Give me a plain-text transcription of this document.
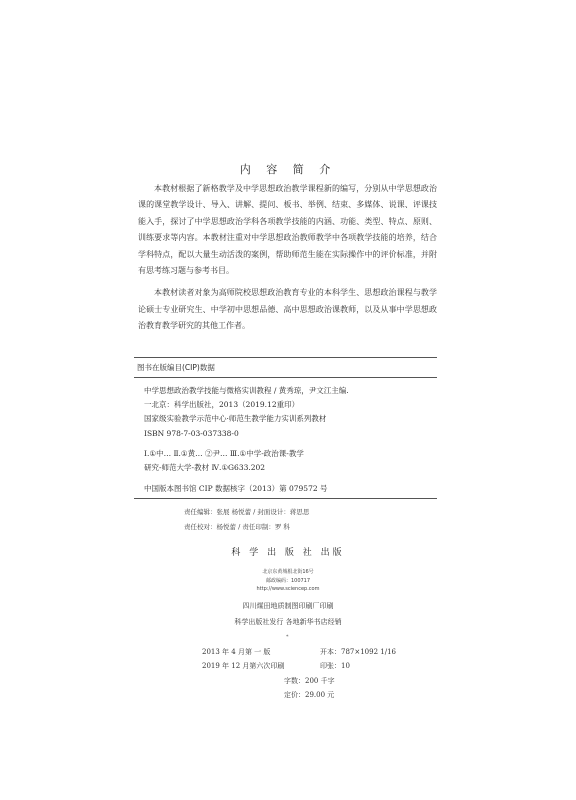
内 容 简 介

本教材根据了新格教学及中学思想政治教学课程新的编写，分别从中学思想政治课的课堂教学设计、导入、讲解、提问、板书、举例、结束、多媒体、说课、评课技能入手，探讨了中学思想政治学科各项教学技能的内涵、功能、类型、特点、原则、训练要求等内容。本教材注重对中学思想政治教师教学中各项教学技能的培养，结合学科特点，配以大量生动活泼的案例，帮助师范生能在实际操作中的评价标准，并附有思考练习题与参考书目。

本教材读者对象为高师院校思想政治教育专业的本科学生、思想政治课程与教学论硕士专业研究生、中学初中思想品德、高中思想政治课教师，以及从事中学思想政治教育教学研究的其他工作者。

图书在版编目(CIP)数据
中学思想政治教学技能与微格实训教程 / 黄秀琼，尹文江主编.
一北京：科学出版社，2013（2019.12重印）
国家级实验教学示范中心·师范生教学能力实训系列教材
ISBN 978-7-03-037338-0
Ⅰ.①中… Ⅱ.①黄… ②尹… Ⅲ.①中学-政治课-教学
研究-师范大学-教材 Ⅳ.①G633.202
中国版本图书馆 CIP 数据核字（2013）第 079572 号
责任编辑：张展 杨悦蕾 / 封面设计：蒋思思
责任校对：杨悦蕾 / 责任印制：罗 科
科 学 出 版 社 出版
北京东黄城根北街16号
邮政编码：100717
http://www.sciencep.com
四川煤田地质制图印刷厂印刷
科学出版社发行 各地新华书店经销
*
2013 年 4 月第 一 版	开本：787×1092 1/16
2019 年 12 月第六次印刷	印张：10
字数：200 千字
定价：29.00 元
